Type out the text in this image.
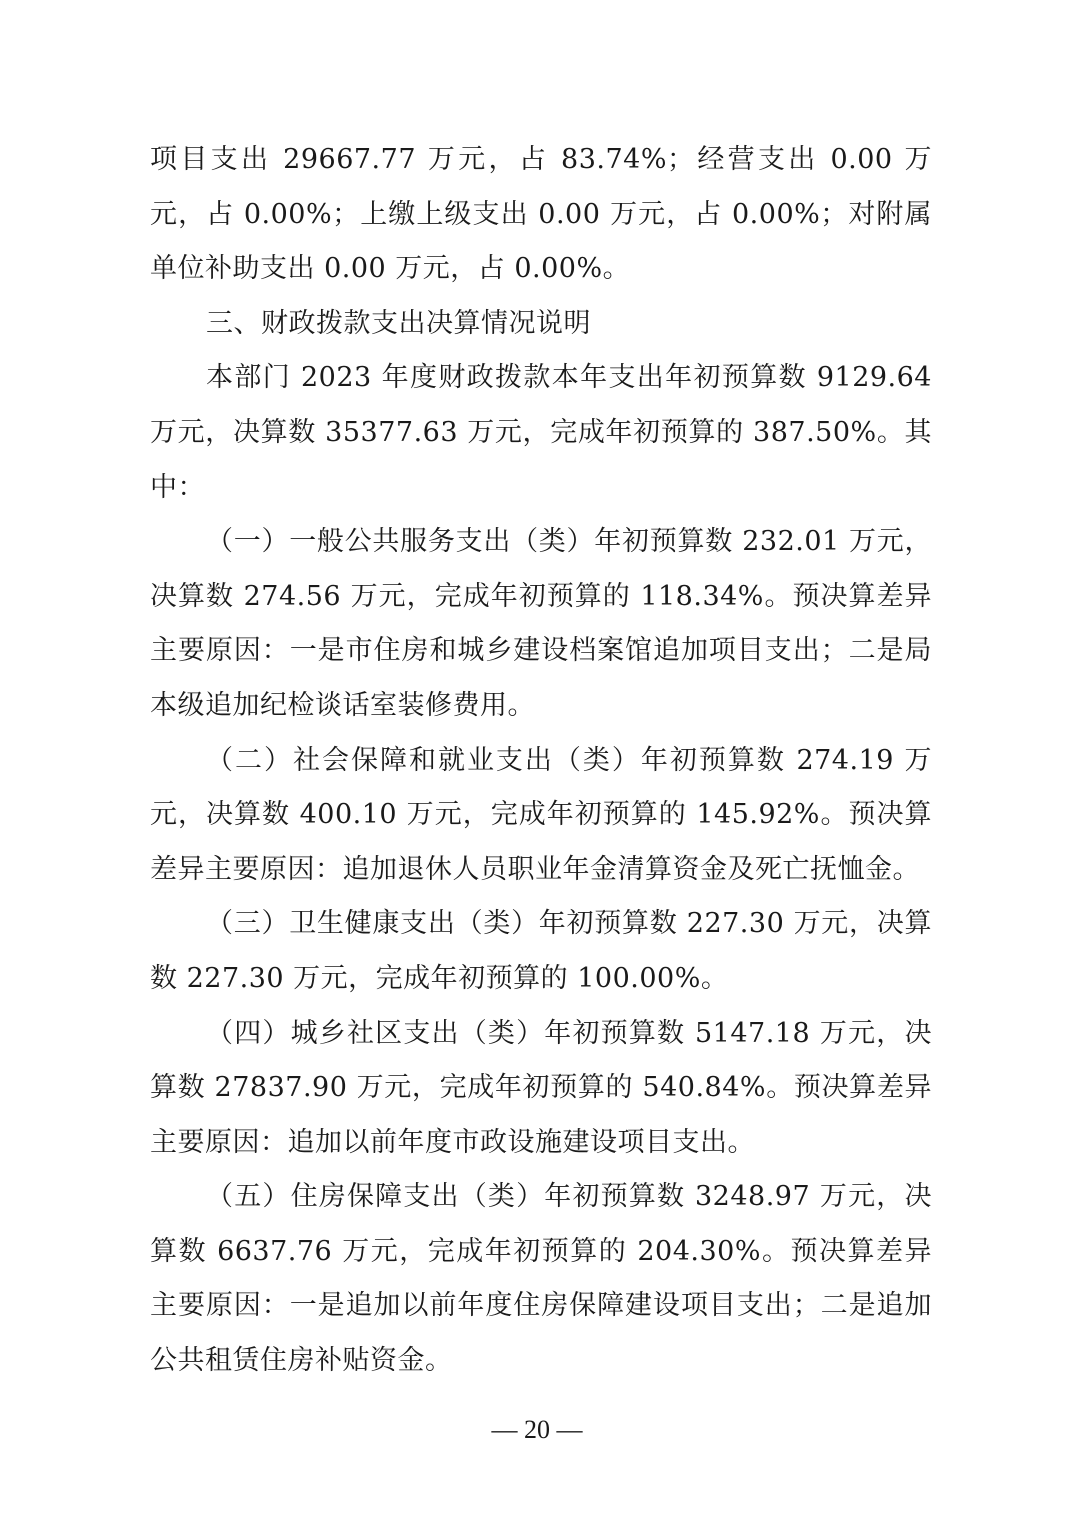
项目支出 29667.77 万元，占 83.74%；经营支出 0.00 万元，占 0.00%；上缴上级支出 0.00 万元，占 0.00%；对附属单位补助支出 0.00 万元，占 0.00%。

三、财政拨款支出决算情况说明

本部门 2023 年度财政拨款本年支出年初预算数 9129.64 万元，决算数 35377.63 万元，完成年初预算的 387.50%。其中：

（一）一般公共服务支出（类）年初预算数 232.01 万元，决算数 274.56 万元，完成年初预算的 118.34%。预决算差异主要原因：一是市住房和城乡建设档案馆追加项目支出；二是局本级追加纪检谈话室装修费用。

（二）社会保障和就业支出（类）年初预算数 274.19 万元，决算数 400.10 万元，完成年初预算的 145.92%。预决算差异主要原因：追加退休人员职业年金清算资金及死亡抚恤金。

（三）卫生健康支出（类）年初预算数 227.30 万元，决算数 227.30 万元，完成年初预算的 100.00%。

（四）城乡社区支出（类）年初预算数 5147.18 万元，决算数 27837.90 万元，完成年初预算的 540.84%。预决算差异主要原因：追加以前年度市政设施建设项目支出。

（五）住房保障支出（类）年初预算数 3248.97 万元，决算数 6637.76 万元，完成年初预算的 204.30%。预决算差异主要原因：一是追加以前年度住房保障建设项目支出；二是追加公共租赁住房补贴资金。

— 20 —
